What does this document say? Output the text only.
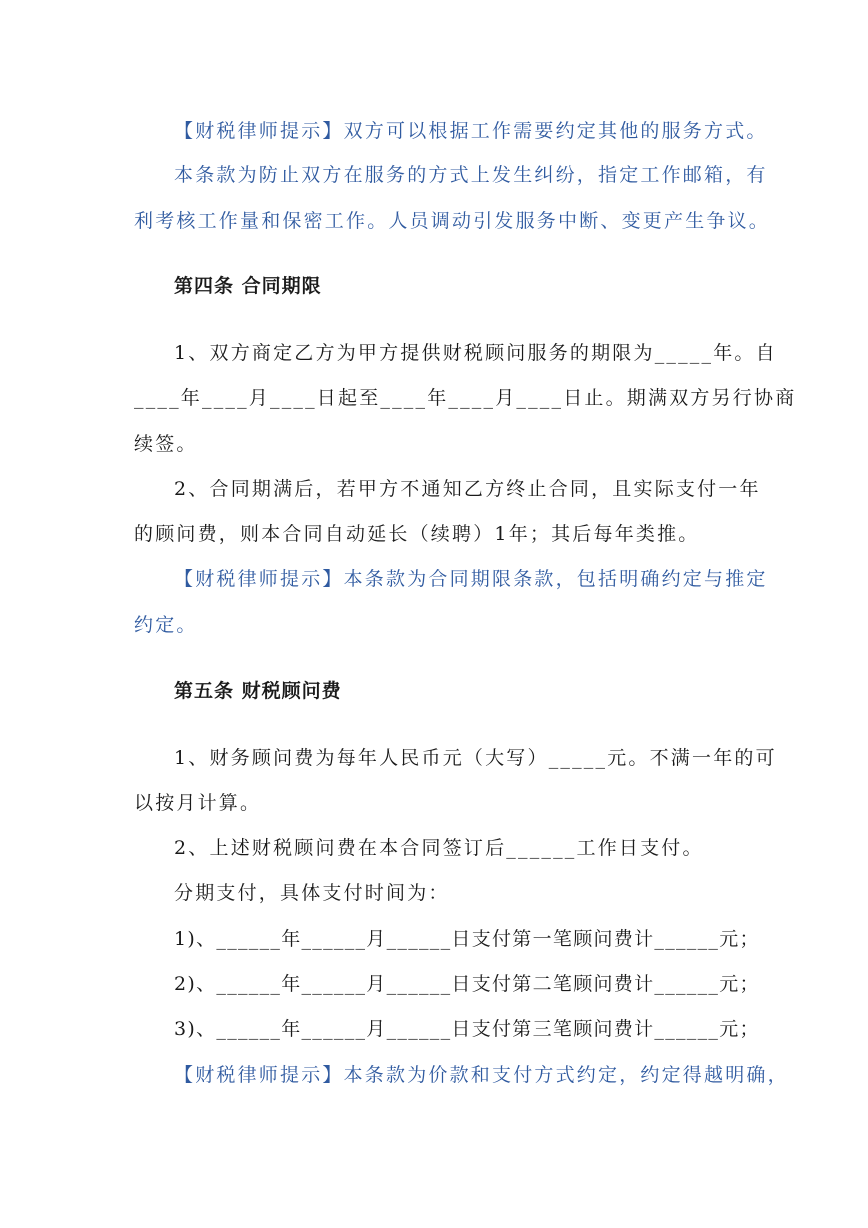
【财税律师提示】双方可以根据工作需要约定其他的服务方式。
本条款为防止双方在服务的方式上发生纠纷，指定工作邮箱，有
利考核工作量和保密工作。人员调动引发服务中断、变更产生争议。
第四条 合同期限
1、双方商定乙方为甲方提供财税顾问服务的期限为_____年。自
____年____月____日起至____年____月____日止。期满双方另行协商
续签。
2、合同期满后，若甲方不通知乙方终止合同，且实际支付一年
的顾问费，则本合同自动延长（续聘）1年；其后每年类推。
【财税律师提示】本条款为合同期限条款，包括明确约定与推定
约定。
第五条 财税顾问费
1、财务顾问费为每年人民币元（大写）_____元。不满一年的可
以按月计算。
2、上述财税顾问费在本合同签订后______工作日支付。
分期支付，具体支付时间为：
1)、______年______月______日支付第一笔顾问费计______元；
2)、______年______月______日支付第二笔顾问费计______元；
3)、______年______月______日支付第三笔顾问费计______元；
【财税律师提示】本条款为价款和支付方式约定，约定得越明确，
